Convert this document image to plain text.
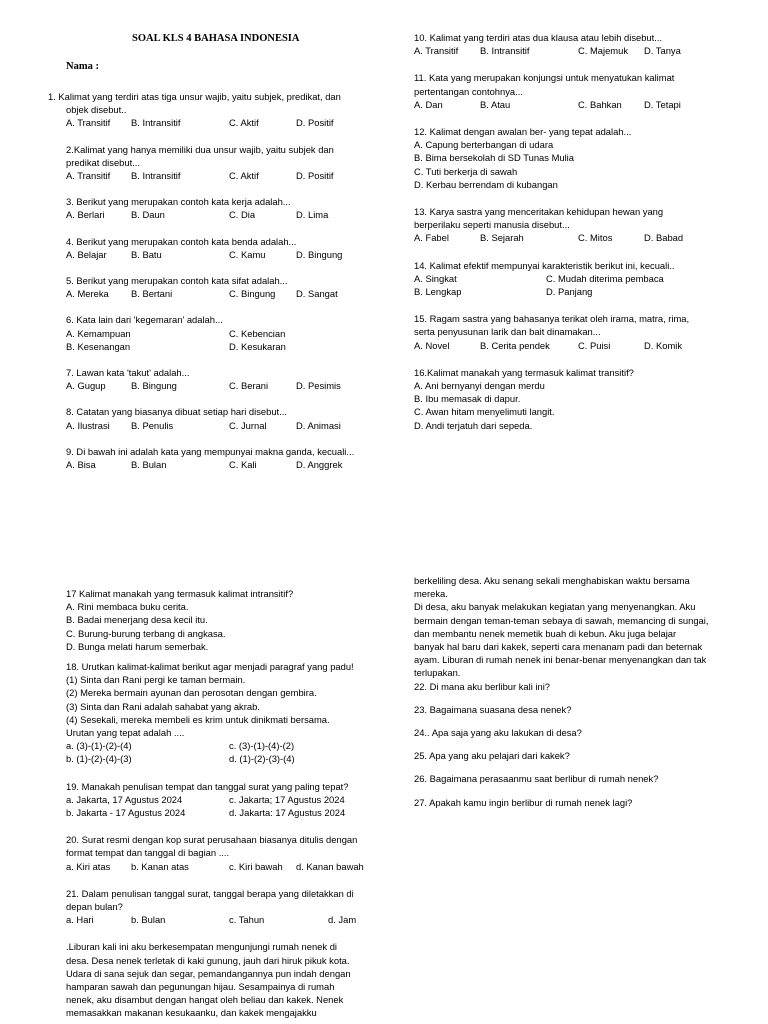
SOAL KLS 4 BAHASA INDONESIA
Nama :

1. Kalimat yang terdiri atas tiga unsur wajib, yaitu subjek, predikat, dan

objek disebut..

A. Transitif B. Intransitif	C. Aktif	D. Positif

2.Kalimat yang hanya memiliki dua unsur wajib, yaitu subjek dan

predikat disebut...

A. Transitif B. Intransitif	C. Aktif	D. Positif

3. Berikut yang merupakan contoh kata kerja adalah...

A. Berlari	B. Daun	C. Dia	D. Lima

4. Berikut yang merupakan contoh kata benda adalah...

A. Belajar	B. Batu	C. Kamu	D. Bingung

5. Berikut yang merupakan contoh kata sifat adalah...

A. Mereka B. Bertani	C. Bingung D. Sangat

6. Kata lain dari 'kegemaran' adalah...

A. Kemampuan	C. Kebencian
B. Kesenangan	D. Kesukaran

7. Lawan kata 'takut' adalah...

A. Gugup	B. Bingung	C. Berani	D. Pesimis

8. Catatan yang biasanya dibuat setiap hari disebut...

A. Ilustrasi B. Penulis	C. Jurnal	D. Animasi

9. Di bawah ini adalah kata yang mempunyai makna ganda, kecuali...

A. Bisa	B. Bulan	C. Kali	D. Anggrek

10. Kalimat yang terdiri atas dua klausa atau lebih disebut...

A. Transitif B. Intransitif	C. Majemuk D. Tanya

11. Kata yang merupakan konjungsi untuk menyatukan kalimat

pertentangan contohnya...

A. Dan	B. Atau	C. Bahkan D. Tetapi

12. Kalimat dengan awalan ber- yang tepat adalah...

A. Capung berterbangan di udara

B. Bima bersekolah di SD Tunas Mulia

C. Tuti berkerja di sawah

D. Kerbau berrendam di kubangan

13. Karya sastra yang menceritakan kehidupan hewan yang

berperilaku seperti manusia disebut...

A. Fabel	B. Sejarah	C. Mitos	D. Babad

14. Kalimat efektif mempunyai karakteristik berikut ini, kecuali..

A. Singkat	C. Mudah diterima pembaca
B. Lengkap	D. Panjang

15. Ragam sastra yang bahasanya terikat oleh irama, matra, rima,

serta penyusunan larik dan bait dinamakan...

A. Novel	B. Cerita pendek	C. Puisi	D. Komik

16.Kalimat manakah yang termasuk kalimat transitif?

A. Ani bernyanyi dengan merdu

B. Ibu memasak di dapur.

C. Awan hitam menyelimuti langit.

D. Andi terjatuh dari sepeda.

17 Kalimat manakah yang termasuk kalimat intransitif?

A. Rini membaca buku cerita.

B. Badai menerjang desa kecil itu.

C. Burung-burung terbang di angkasa.

D. Bunga melati harum semerbak.

18. Urutkan kalimat-kalimat berikut agar menjadi paragraf yang padu!

(1) Sinta dan Rani pergi ke taman bermain.

(2) Mereka bermain ayunan dan perosotan dengan gembira.

(3) Sinta dan Rani adalah sahabat yang akrab.

(4) Sesekali, mereka membeli es krim untuk dinikmati bersama.

Urutan yang tepat adalah ....

a. (3)-(1)-(2)-(4)	c. (3)-(1)-(4)-(2)
b. (1)-(2)-(4)-(3)	d. (1)-(2)-(3)-(4)

19. Manakah penulisan tempat dan tanggal surat yang paling tepat?

a. Jakarta, 17 Agustus 2024	c. Jakarta; 17 Agustus 2024
b. Jakarta - 17 Agustus 2024	d. Jakarta: 17 Agustus 2024

20. Surat resmi dengan kop surat perusahaan biasanya ditulis dengan

format tempat dan tanggal di bagian ....

a. Kiri atas b. Kanan atas	c. Kiri bawah d. Kanan bawah

21. Dalam penulisan tanggal surat, tanggal berapa yang diletakkan di

depan bulan?

a. Hari	b. Bulan	c. Tahun	d. Jam

.Liburan kali ini aku berkesempatan mengunjungi rumah nenek di

desa. Desa nenek terletak di kaki gunung, jauh dari hiruk pikuk kota.

Udara di sana sejuk dan segar, pemandangannya pun indah dengan

hamparan sawah dan pegunungan hijau. Sesampainya di rumah

nenek, aku disambut dengan hangat oleh beliau dan kakek. Nenek

memasakkan makanan kesukaanku, dan kakek mengajakku

berkeliling desa. Aku senang sekali menghabiskan waktu bersama

mereka.

Di desa, aku banyak melakukan kegiatan yang menyenangkan. Aku

bermain dengan teman-teman sebaya di sawah, memancing di sungai,

dan membantu nenek memetik buah di kebun. Aku juga belajar

banyak hal baru dari kakek, seperti cara menanam padi dan beternak

ayam. Liburan di rumah nenek ini benar-benar menyenangkan dan tak

terlupakan.

22. Di mana aku berlibur kali ini?

23. Bagaimana suasana desa nenek?

24.. Apa saja yang aku lakukan di desa?

25. Apa yang aku pelajari dari kakek?

26. Bagaimana perasaanmu saat berlibur di rumah nenek?

27. Apakah kamu ingin berlibur di rumah nenek lagi?
